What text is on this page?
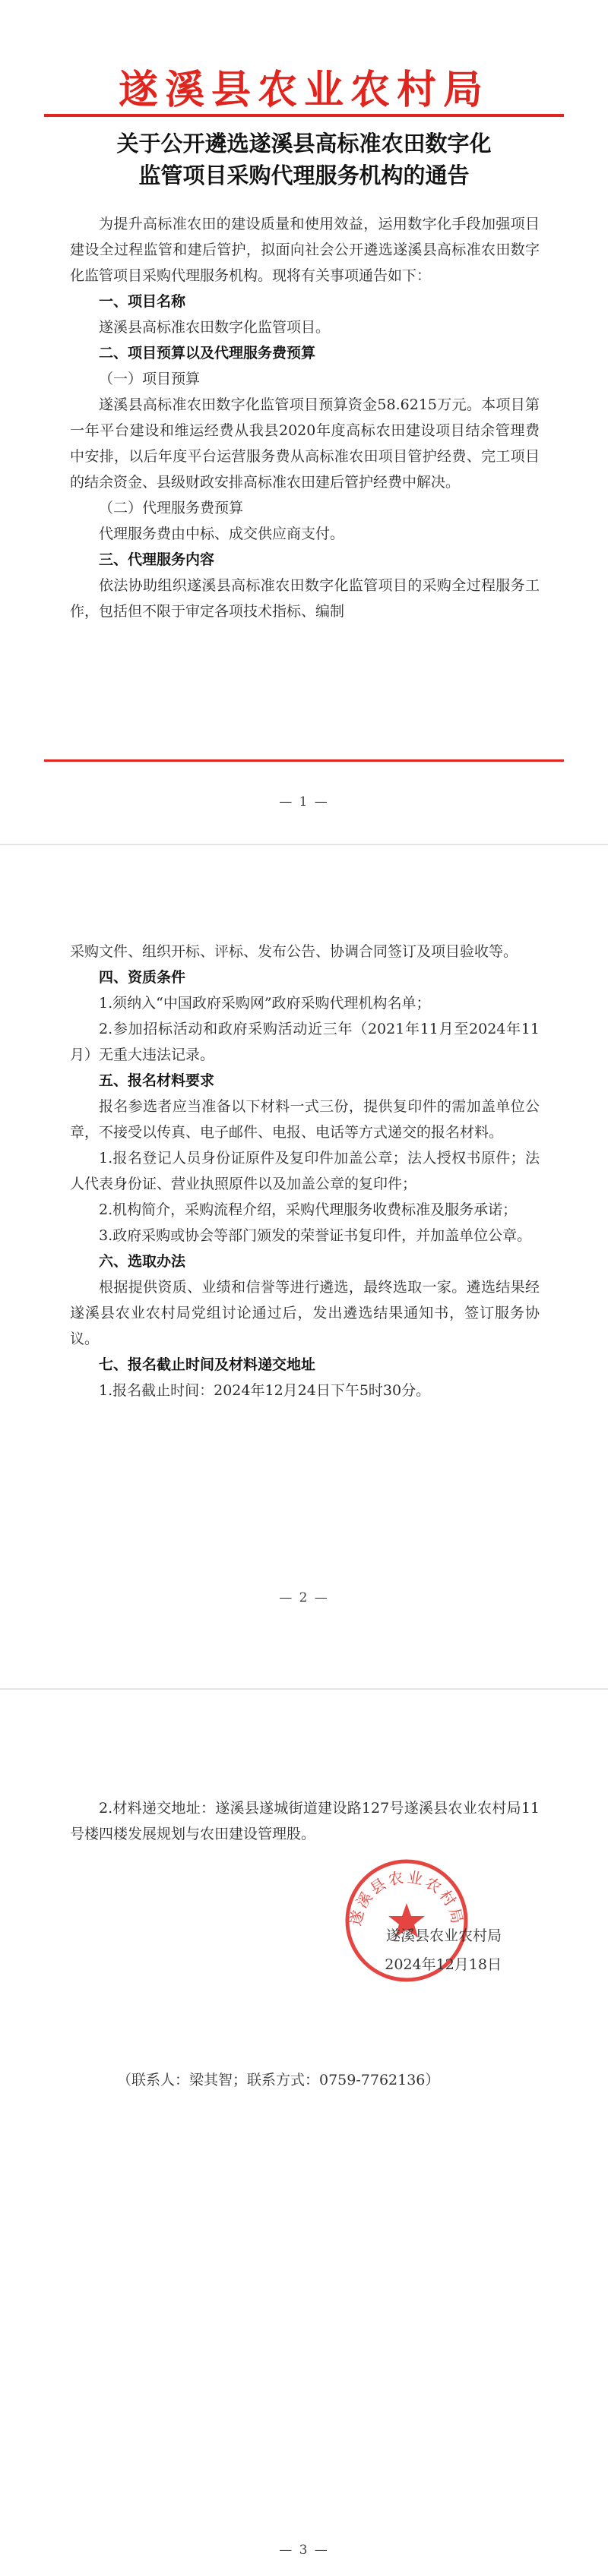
遂溪县农业农村局
关于公开遴选遂溪县高标准农田数字化
监管项目采购代理服务机构的通告

为提升高标准农田的建设质量和使用效益，运用数字化手段加强项目建设全过程监管和建后管护，拟面向社会公开遴选遂溪县高标准农田数字化监管项目采购代理服务机构。现将有关事项通告如下：

一、项目名称

遂溪县高标准农田数字化监管项目。

二、项目预算以及代理服务费预算

（一）项目预算

遂溪县高标准农田数字化监管项目预算资金58.6215万元。本项目第一年平台建设和维运经费从我县2020年度高标农田建设项目结余管理费中安排，以后年度平台运营服务费从高标准农田项目管护经费、完工项目的结余资金、县级财政安排高标准农田建后管护经费中解决。

（二）代理服务费预算

代理服务费由中标、成交供应商支付。

三、代理服务内容

依法协助组织遂溪县高标准农田数字化监管项目的采购全过程服务工作，包括但不限于审定各项技术指标、编制

— 1 —

采购文件、组织开标、评标、发布公告、协调合同签订及项目验收等。

四、资质条件

1.须纳入“中国政府采购网”政府采购代理机构名单；

2.参加招标活动和政府采购活动近三年（2021年11月至2024年11月）无重大违法记录。

五、报名材料要求

报名参选者应当准备以下材料一式三份，提供复印件的需加盖单位公章，不接受以传真、电子邮件、电报、电话等方式递交的报名材料。

1.报名登记人员身份证原件及复印件加盖公章；法人授权书原件；法人代表身份证、营业执照原件以及加盖公章的复印件；

2.机构简介，采购流程介绍，采购代理服务收费标准及服务承诺；

3.政府采购或协会等部门颁发的荣誉证书复印件，并加盖单位公章。

六、选取办法

根据提供资质、业绩和信誉等进行遴选，最终选取一家。遴选结果经遂溪县农业农村局党组讨论通过后，发出遴选结果通知书，签订服务协议。

七、报名截止时间及材料递交地址

1.报名截止时间：2024年12月24日下午5时30分。

— 2 —

2.材料递交地址：遂溪县遂城街道建设路127号遂溪县农业农村局11号楼四楼发展规划与农田建设管理股。

遂溪县农业农村局
遂溪县农业农村局
2024年12月18日
（联系人：梁其智；联系方式：0759-7762136）
— 3 —
